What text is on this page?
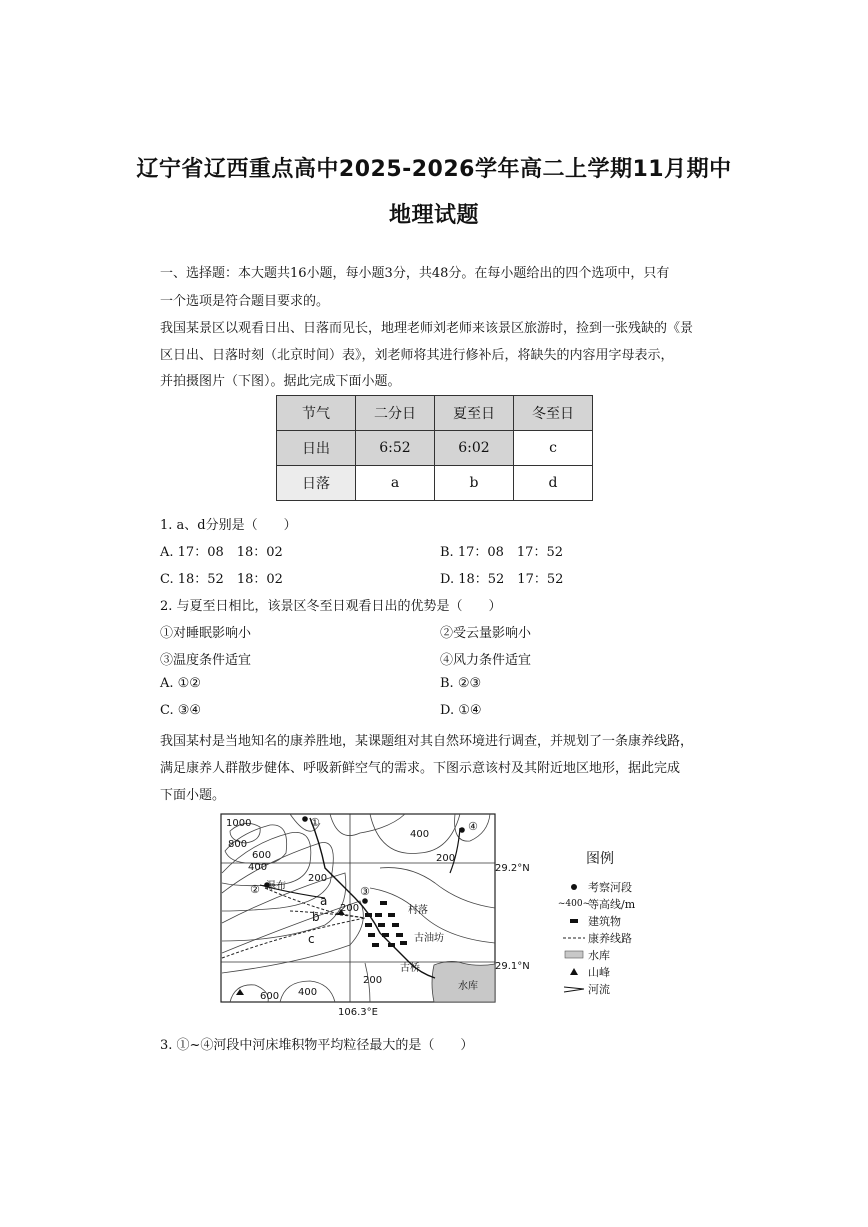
辽宁省辽西重点高中2025-2026学年高二上学期11月期中
地理试题
一、选择题：本大题共16小题，每小题3分，共48分。在每小题给出的四个选项中，只有
一个选项是符合题目要求的。
我国某景区以观看日出、日落而见长，地理老师刘老师来该景区旅游时，捡到一张残缺的《景
区日出、日落时刻（北京时间）表》，刘老师将其进行修补后，将缺失的内容用字母表示，
并拍摄图片（下图）。据此完成下面小题。
节气	二分日	夏至日	冬至日
日出	6:52	6:02	c
日落	a	b	d
1. a、d分别是（　　）
A. 17：08　18：02	B. 17：08　17：52
C. 18：52　18：02	D. 18：52　17：52
2. 与夏至日相比，该景区冬至日观看日出的优势是（　　）
①对睡眠影响小	②受云量影响小
③温度条件适宜	④风力条件适宜
A. ①②	B. ②③
C. ③④	D. ①④
我国某村是当地知名的康养胜地，某课题组对其自然环境进行调查，并规划了一条康养线路，
满足康养人群散步健体、呼吸新鲜空气的需求。下图示意该村及其附近地区地形，据此完成
下面小题。
1000
800
600
400
200
400
200
200
200
600 400
①
②	③
④
a
b
c
瀑布
村落
古油坊
古桥
水库
29.2°N
29.1°N
106.3°E
图例
考察河段
~ 400 ~
等高线/m
建筑物
康养线路
水库
山峰
河流
3. ①~④河段中河床堆积物平均粒径最大的是（　　）
